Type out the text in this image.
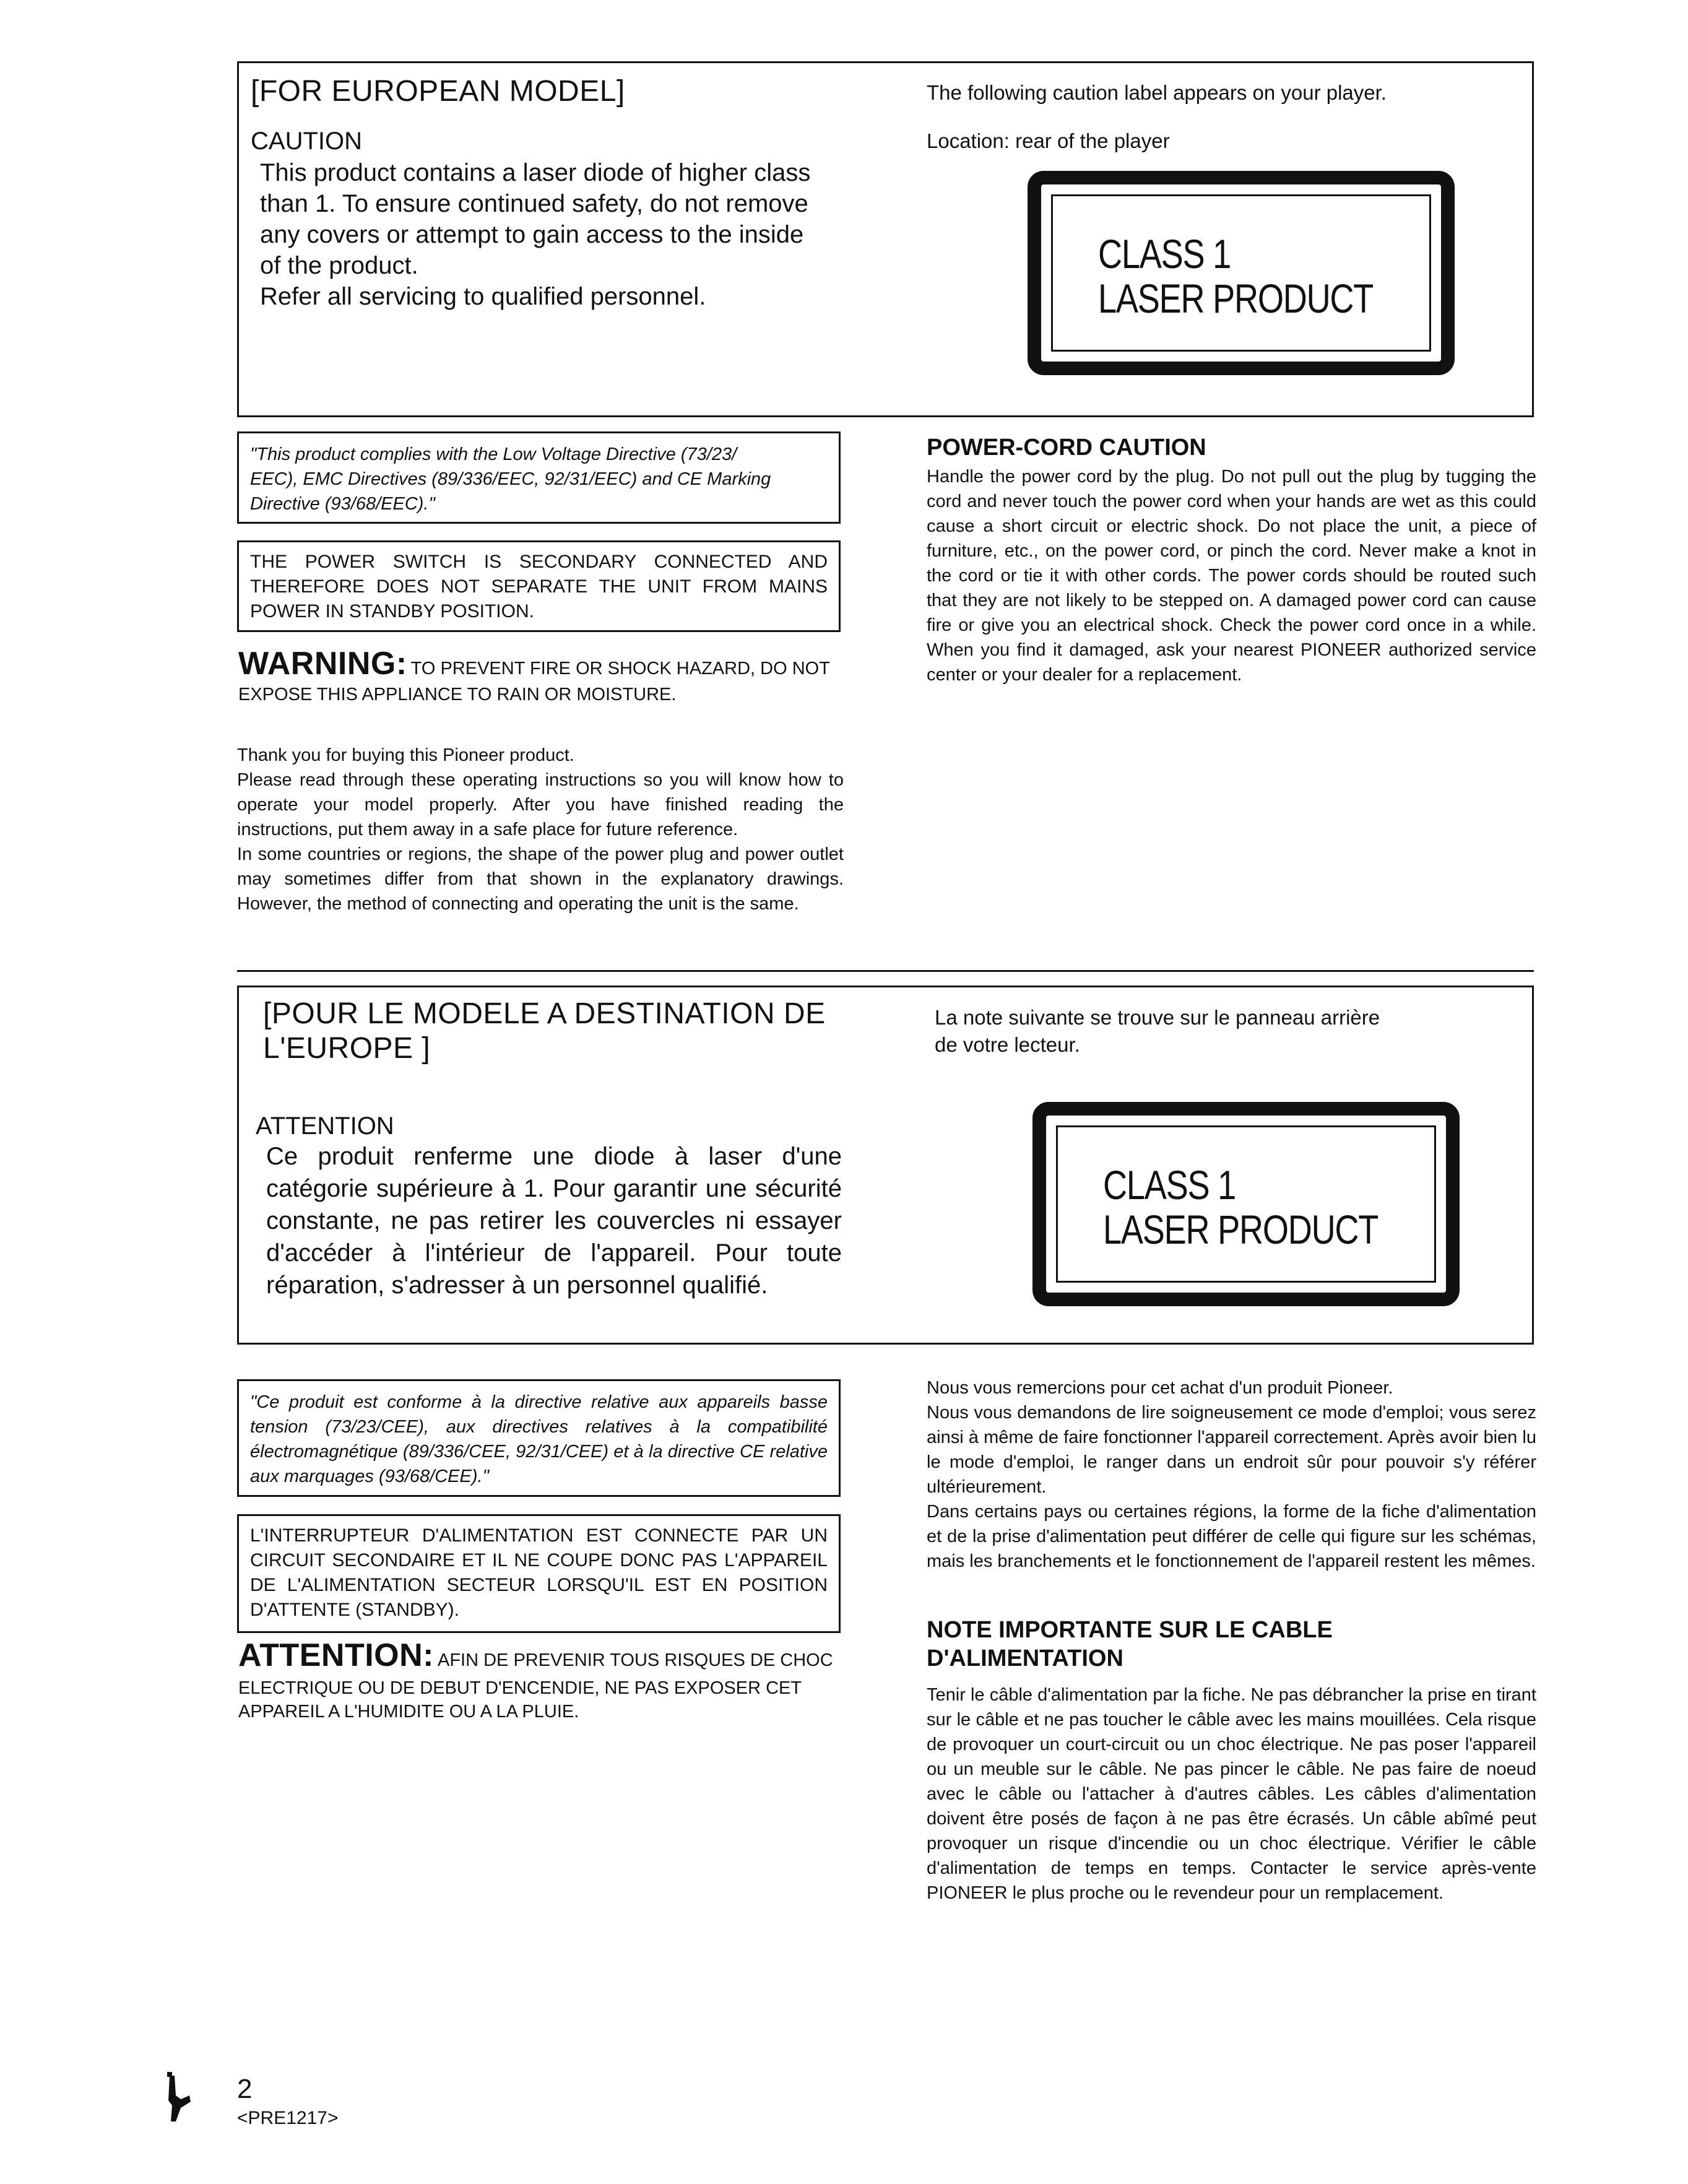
[FOR EUROPEAN MODEL]
CAUTION
This product contains a laser diode of higher class
than 1. To ensure continued safety, do not remove
any covers or attempt to gain access to the inside
of the product.
Refer all servicing to qualified personnel.
The following caution label appears on your player.
Location: rear of the player
CLASS 1
LASER PRODUCT
"This product complies with the Low Voltage Directive (73/23/
EEC), EMC Directives (89/336/EEC, 92/31/EEC) and CE Marking
Directive (93/68/EEC)."
THE POWER SWITCH IS SECONDARY CONNECTED AND THEREFORE DOES NOT SEPARATE THE UNIT FROM MAINS POWER IN STANDBY POSITION.
WARNING: TO PREVENT FIRE OR SHOCK HAZARD, DO NOT
EXPOSE THIS APPLIANCE TO RAIN OR MOISTURE.
Thank you for buying this Pioneer product.
Please read through these operating instructions so you will know how to operate your model properly. After you have finished reading the instructions, put them away in a safe place for future reference.
In some countries or regions, the shape of the power plug and power outlet may sometimes differ from that shown in the explanatory drawings. However, the method of connecting and operating the unit is the same.
POWER-CORD CAUTION
Handle the power cord by the plug. Do not pull out the plug by tugging the cord and never touch the power cord when your hands are wet as this could cause a short circuit or electric shock. Do not place the unit, a piece of furniture, etc., on the power cord, or pinch the cord. Never make a knot in the cord or tie it with other cords. The power cords should be routed such that they are not likely to be stepped on. A damaged power cord can cause fire or give you an electrical shock. Check the power cord once in a while. When you find it damaged, ask your nearest PIONEER authorized service center or your dealer for a replacement.
[POUR LE MODELE A DESTINATION DE
L'EUROPE ]
ATTENTION
Ce produit renferme une diode à laser d'une catégorie supérieure à 1. Pour garantir une sécurité constante, ne pas retirer les couvercles ni essayer d'accéder à l'intérieur de l'appareil. Pour toute réparation, s'adresser à un personnel qualifié.
La note suivante se trouve sur le panneau arrière
de votre lecteur.
CLASS 1
LASER PRODUCT
"Ce produit est conforme à la directive relative aux appareils basse tension (73/23/CEE), aux directives relatives à la compatibilité électromagnétique (89/336/CEE, 92/31/CEE) et à la directive CE relative aux marquages (93/68/CEE)."
L'INTERRUPTEUR D'ALIMENTATION EST CONNECTE PAR UN CIRCUIT SECONDAIRE ET IL NE COUPE DONC PAS L'APPAREIL DE L'ALIMENTATION SECTEUR LORSQU'IL EST EN POSITION D'ATTENTE (STANDBY).
ATTENTION: AFIN DE PREVENIR TOUS RISQUES DE CHOC
ELECTRIQUE OU DE DEBUT D'ENCENDIE, NE PAS EXPOSER CET
APPAREIL A L'HUMIDITE OU A LA PLUIE.
Nous vous remercions pour cet achat d'un produit Pioneer.
Nous vous demandons de lire soigneusement ce mode d'emploi; vous serez ainsi à même de faire fonctionner l'appareil correctement. Après avoir bien lu le mode d'emploi, le ranger dans un endroit sûr pour pouvoir s'y référer ultérieurement.
Dans certains pays ou certaines régions, la forme de la fiche d'alimentation et de la prise d'alimentation peut différer de celle qui figure sur les schémas, mais les branchements et le fonctionnement de l'appareil restent les mêmes.
NOTE IMPORTANTE SUR LE CABLE
D'ALIMENTATION
Tenir le câble d'alimentation par la fiche. Ne pas débrancher la prise en tirant sur le câble et ne pas toucher le câble avec les mains mouillées. Cela risque de provoquer un court-circuit ou un choc électrique. Ne pas poser l'appareil ou un meuble sur le câble. Ne pas pincer le câble. Ne pas faire de noeud avec le câble ou l'attacher à d'autres câbles. Les câbles d'alimentation doivent être posés de façon à ne pas être écrasés. Un câble abîmé peut provoquer un risque d'incendie ou un choc électrique. Vérifier le câble d'alimentation de temps en temps. Contacter le service après-vente PIONEER le plus proche ou le revendeur pour un remplacement.
2
<PRE1217>
